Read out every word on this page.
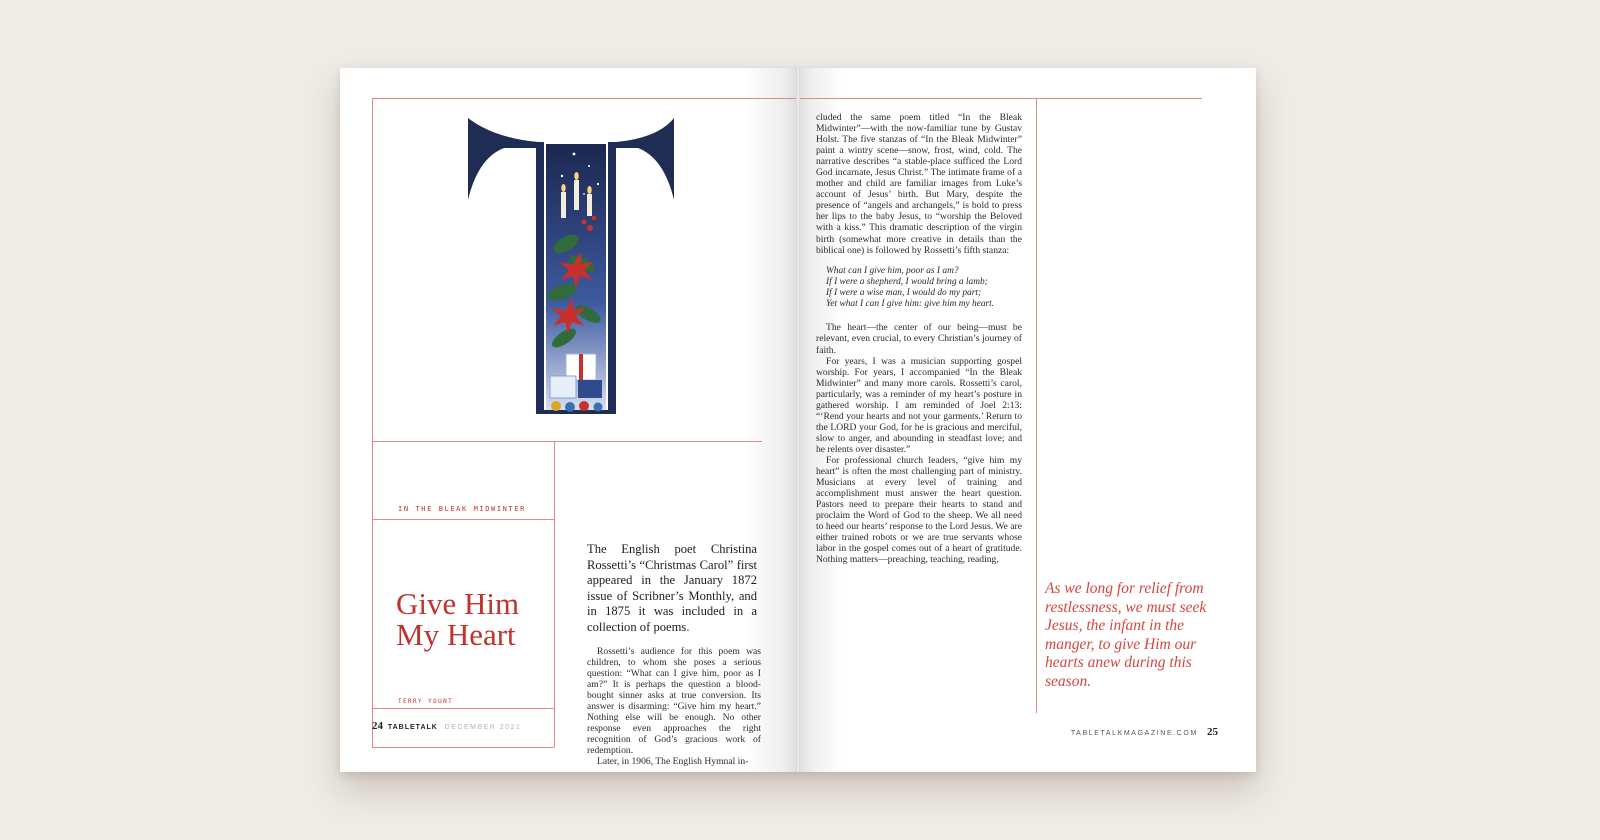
IN THE BLEAK MIDWINTER
Give Him My Heart
TERRY YOUNT

The English poet Christina Rossetti’s “Christmas Carol” first appeared in the January 1872 issue of Scribner’s Monthly, and in 1875 it was included in a collection of poems.

Rossetti’s audience for this poem was children, to whom she poses a serious question: “What can I give him, poor as I am?” It is perhaps the question a blood-bought sinner asks at true conversion. Its answer is disarming: “Give him my heart.” Nothing else will be enough. No other response even approaches the right recognition of God’s gracious work of redemption.

Later, in 1906, The English Hymnal in-

24 TABLETALK DECEMBER 2021

cluded the same poem titled “In the Bleak Midwinter”—with the now-familiar tune by Gustav Holst. The five stanzas of “In the Bleak Midwinter” paint a wintry scene—snow, frost, wind, cold. The narrative describes “a stable-place sufficed the Lord God incarnate, Jesus Christ.” The intimate frame of a mother and child are familiar images from Luke’s account of Jesus’ birth. But Mary, despite the presence of “angels and archangels,” is bold to press her lips to the baby Jesus, to “worship the Beloved with a kiss.” This dramatic description of the virgin birth (somewhat more creative in details than the biblical one) is followed by Rossetti’s fifth stanza:

What can I give him, poor as I am?
If I were a shepherd, I would bring a lamb;
If I were a wise man, I would do my part;
Yet what I can I give him: give him my heart.

The heart—the center of our being—must be relevant, even crucial, to every Christian’s journey of faith.

For years, I was a musician supporting gospel worship. For years, I accompanied “In the Bleak Midwinter” and many more carols. Rossetti’s carol, particularly, was a reminder of my heart’s posture in gathered worship. I am reminded of Joel 2:13: “‘Rend your hearts and not your garments.’ Return to the LORD your God, for he is gracious and merciful, slow to anger, and abounding in steadfast love; and he relents over disaster.”

For professional church leaders, “give him my heart” is often the most challenging part of ministry. Musicians at every level of training and accomplishment must answer the heart question. Pastors need to prepare their hearts to stand and proclaim the Word of God to the sheep. We all need to heed our hearts’ response to the Lord Jesus. We are either trained robots or we are true servants whose labor in the gospel comes out of a heart of gratitude. Nothing matters—preaching, teaching, reading,

As we long for relief from restlessness, we must seek Jesus, the infant in the manger, to give Him our hearts anew during this season.
TABLETALKMAGAZINE.COM 25
